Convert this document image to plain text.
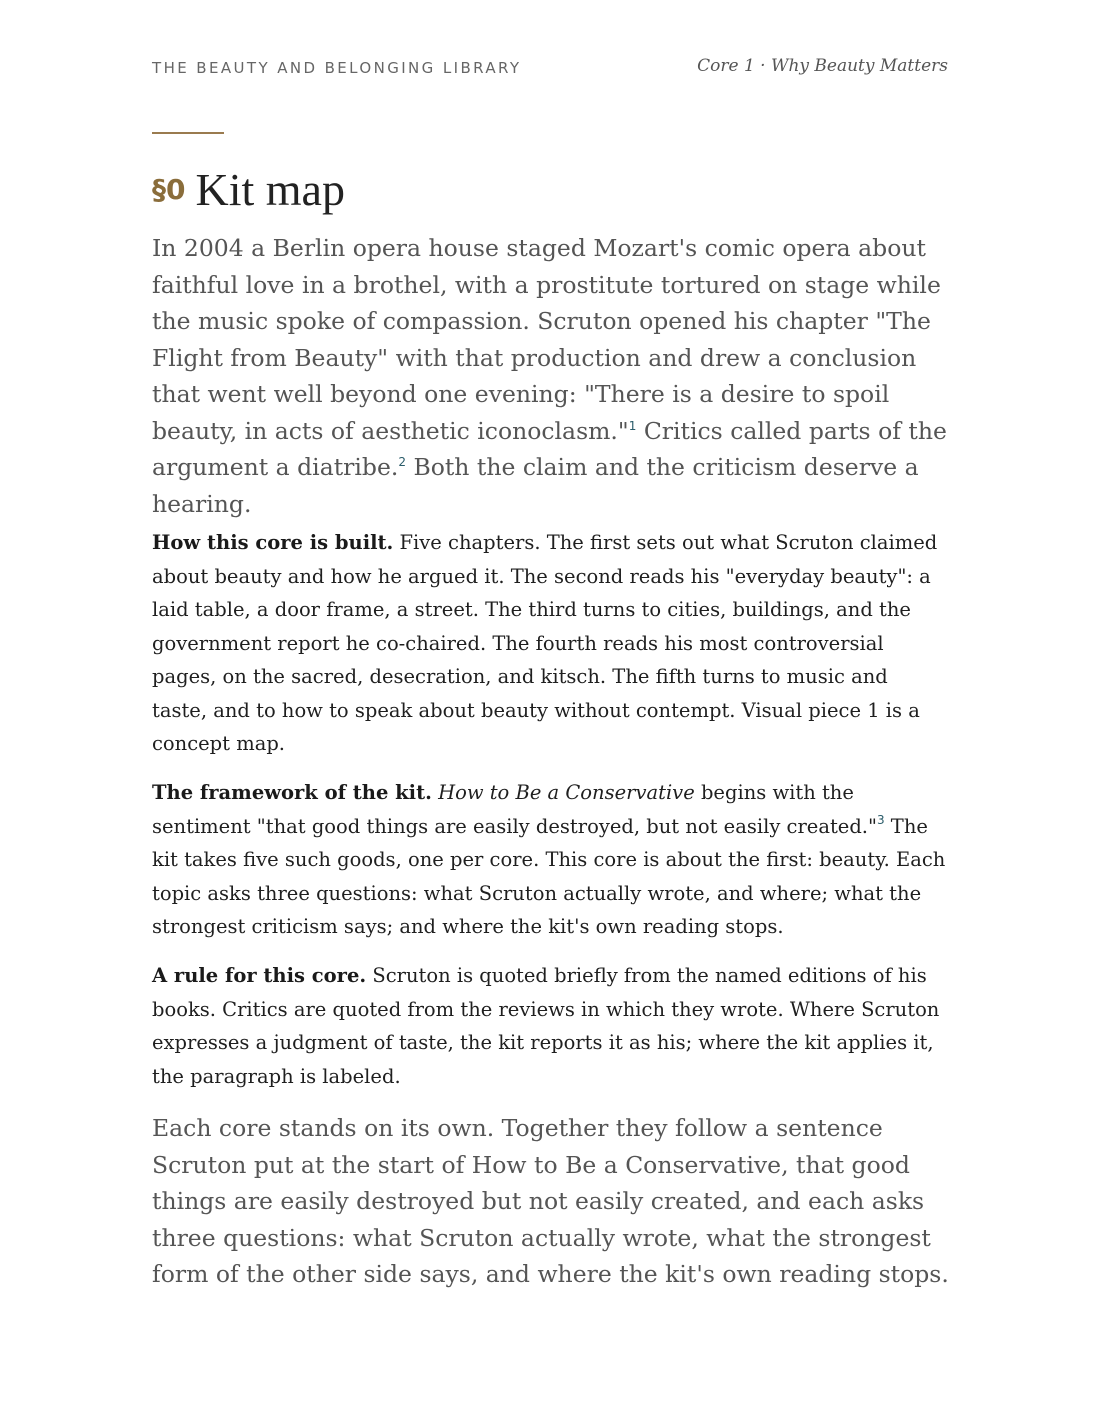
THE BEAUTY AND BELONGING LIBRARY	Core 1 · Why Beauty Matters
§0 Kit map

In 2004 a Berlin opera house staged Mozart's comic opera about faithful love in a brothel, with a prostitute tortured on stage while the music spoke of compassion. Scruton opened his chapter "The Flight from Beauty" with that production and drew a conclusion that went well beyond one evening: "There is a desire to spoil beauty, in acts of aesthetic iconoclasm."$^1$ Critics called parts of the argument a diatribe.$^2$ Both the claim and the criticism deserve a hearing.

How this core is built. Five chapters. The first sets out what Scruton claimed about beauty and how he argued it. The second reads his "everyday beauty": a laid table, a door frame, a street. The third turns to cities, buildings, and the government report he co-chaired. The fourth reads his most controversial pages, on the sacred, desecration, and kitsch. The fifth turns to music and taste, and to how to speak about beauty without contempt. Visual piece 1 is a concept map.

The framework of the kit. How to Be a Conservative begins with the sentiment "that good things are easily destroyed, but not easily created."$^3$ The kit takes five such goods, one per core. This core is about the first: beauty. Each topic asks three questions: what Scruton actually wrote, and where; what the strongest criticism says; and where the kit's own reading stops.

A rule for this core. Scruton is quoted briefly from the named editions of his books. Critics are quoted from the reviews in which they wrote. Where Scruton expresses a judgment of taste, the kit reports it as his; where the kit applies it, the paragraph is labeled.

Each core stands on its own. Together they follow a sentence Scruton put at the start of How to Be a Conservative, that good things are easily destroyed but not easily created, and each asks three questions: what Scruton actually wrote, what the strongest form of the other side says, and where the kit's own reading stops.
